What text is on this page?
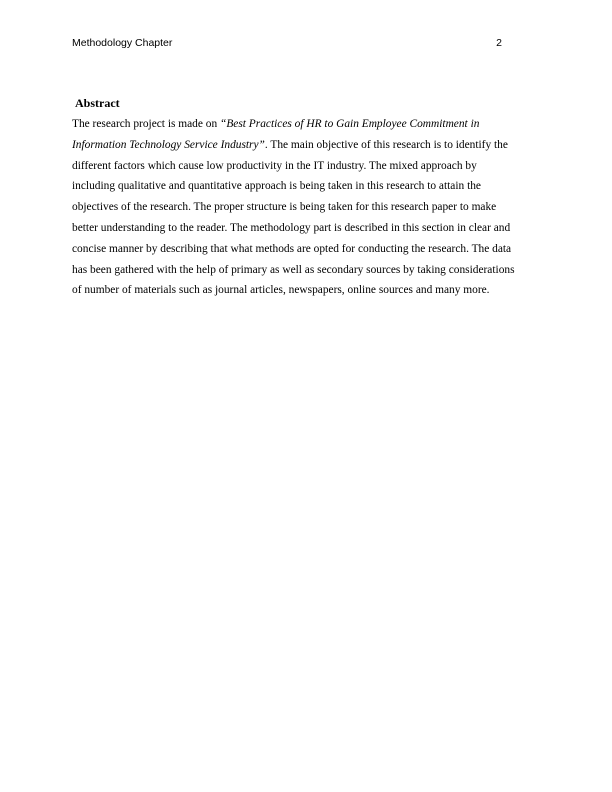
Methodology Chapter	2
Abstract
The research project is made on “Best Practices of HR to Gain Employee Commitment in
Information Technology Service Industry”. The main objective of this research is to identify the
different factors which cause low productivity in the IT industry. The mixed approach by
including qualitative and quantitative approach is being taken in this research to attain the
objectives of the research. The proper structure is being taken for this research paper to make
better understanding to the reader. The methodology part is described in this section in clear and
concise manner by describing that what methods are opted for conducting the research. The data
has been gathered with the help of primary as well as secondary sources by taking considerations
of number of materials such as journal articles, newspapers, online sources and many more.
